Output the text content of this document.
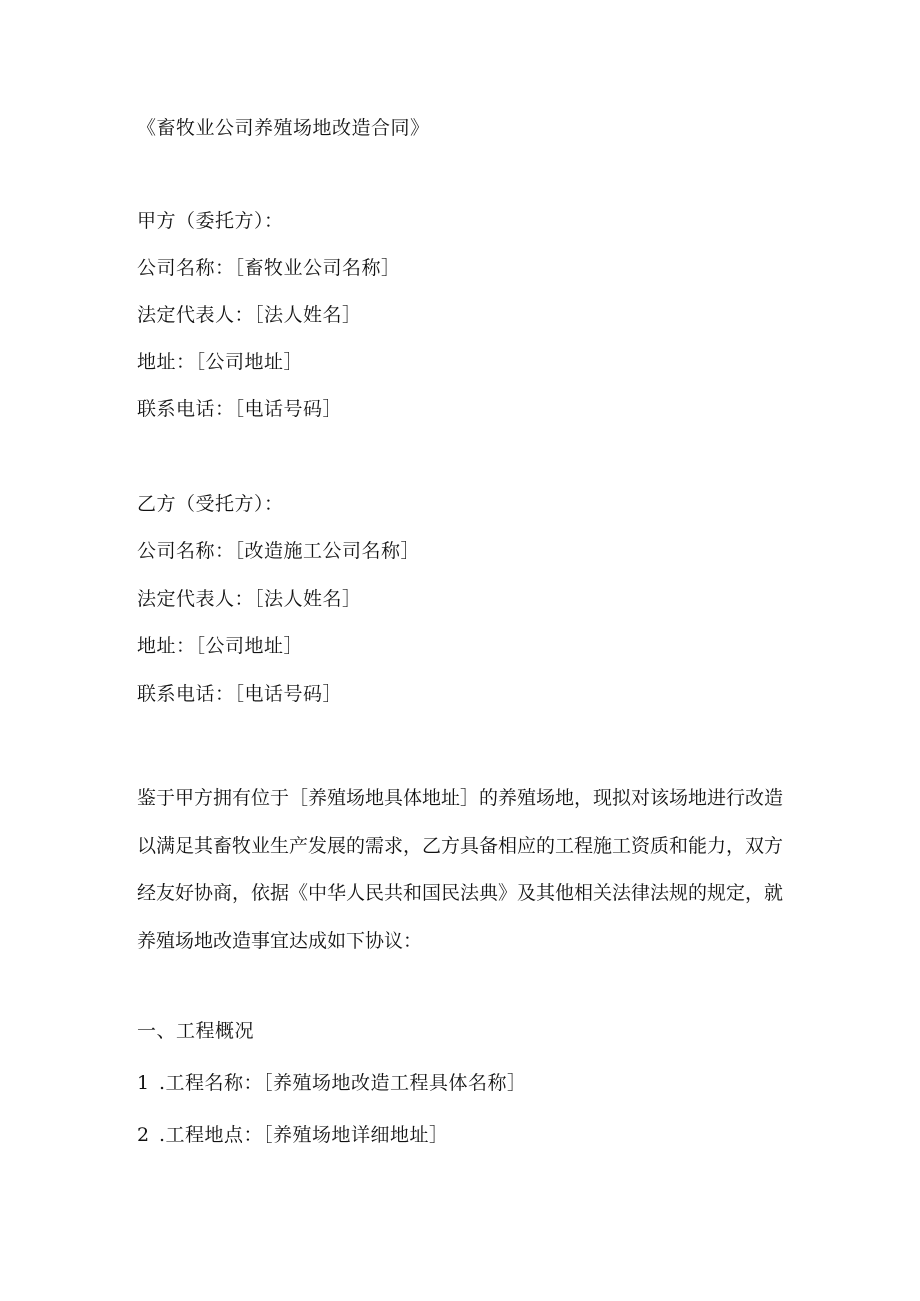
《畜牧业公司养殖场地改造合同》
甲方（委托方）：
公司名称：［畜牧业公司名称］
法定代表人：［法人姓名］
地址：［公司地址］
联系电话：［电话号码］
乙方（受托方）：
公司名称：［改造施工公司名称］
法定代表人：［法人姓名］
地址：［公司地址］
联系电话：［电话号码］
鉴于甲方拥有位于［养殖场地具体地址］的养殖场地，现拟对该场地进行改造
以满足其畜牧业生产发展的需求，乙方具备相应的工程施工资质和能力，双方
经友好协商，依据《中华人民共和国民法典》及其他相关法律法规的规定，就
养殖场地改造事宜达成如下协议：
一、工程概况
1 .工程名称：［养殖场地改造工程具体名称］
2 .工程地点：［养殖场地详细地址］
